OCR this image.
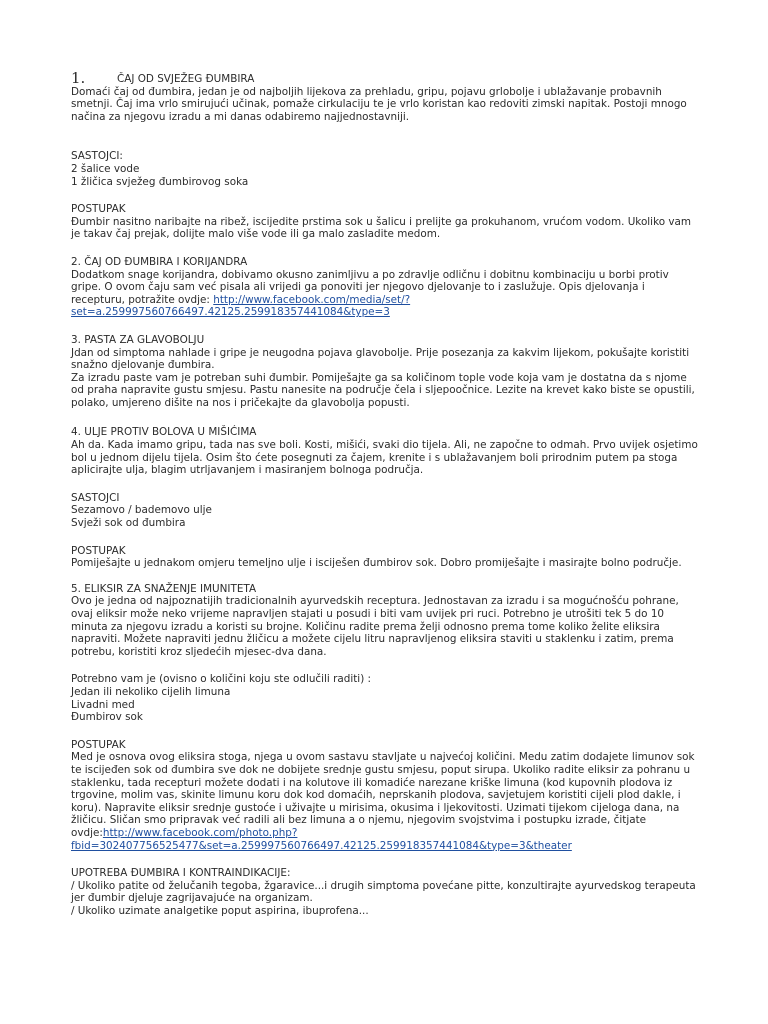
1.	ČAJ OD SVJEŽEG ĐUMBIRA
Domaći čaj od đumbira, jedan je od najboljih lijekova za prehladu, gripu, pojavu grlobolje i ublažavanje probavnih
smetnji. Čaj ima vrlo smirujući učinak, pomaže cirkulaciju te je vrlo koristan kao redoviti zimski napitak. Postoji mnogo
načina za njegovu izradu a mi danas odabiremo najjednostavniji.
SASTOJCI:
2 šalice vode
1 žličica svježeg đumbirovog soka
POSTUPAK
Đumbir nasitno naribajte na ribež, iscijedite prstima sok u šalicu i prelijte ga prokuhanom, vrućom vodom. Ukoliko vam
je takav čaj prejak, dolijte malo više vode ili ga malo zasladite medom.
2. ČAJ OD ĐUMBIRA I KORIJANDRA
Dodatkom snage korijandra, dobivamo okusno zanimljivu a po zdravlje odličnu i dobitnu kombinaciju u borbi protiv
gripe. O ovom čaju sam već pisala ali vrijedi ga ponoviti jer njegovo djelovanje to i zaslužuje. Opis djelovanja i
recepturu, potražite ovdje: http://www.facebook.com/media/set/?
set=a.259997560766497.42125.259918357441084&type=3
3. PASTA ZA GLAVOBOLJU
Jdan od simptoma nahlade i gripe je neugodna pojava glavobolje. Prije posezanja za kakvim lijekom, pokušajte koristiti
snažno djelovanje đumbira.
Za izradu paste vam je potreban suhi đumbir. Pomiješajte ga sa količinom tople vode koja vam je dostatna da s njome
od praha napravite gustu smjesu. Pastu nanesite na područje čela i sljepoočnice. Lezite na krevet kako biste se opustili,
polako, umjereno dišite na nos i pričekajte da glavobolja popusti.
4. ULJE PROTIV BOLOVA U MIŠIĆIMA
Ah da. Kada imamo gripu, tada nas sve boli. Kosti, mišići, svaki dio tijela. Ali, ne započne to odmah. Prvo uvijek osjetimo
bol u jednom dijelu tijela. Osim što ćete posegnuti za čajem, krenite i s ublažavanjem boli prirodnim putem pa stoga
aplicirajte ulja, blagim utrljavanjem i masiranjem bolnoga područja.
SASTOJCI
Sezamovo / bademovo ulje
Svježi sok od đumbira
POSTUPAK
Pomiješajte u jednakom omjeru temeljno ulje i isciješen đumbirov sok. Dobro promiješajte i masirajte bolno područje.
5. ELIKSIR ZA SNAŽENJE IMUNITETA
Ovo je jedna od najpoznatijih tradicionalnih ayurvedskih receptura. Jednostavan za izradu i sa mogućnošću pohrane,
ovaj eliksir može neko vrijeme napravljen stajati u posudi i biti vam uvijek pri ruci. Potrebno je utrošiti tek 5 do 10
minuta za njegovu izradu a koristi su brojne. Količinu radite prema želji odnosno prema tome koliko želite eliksira
napraviti. Možete napraviti jednu žličicu a možete cijelu litru napravljenog eliksira staviti u staklenku i zatim, prema
potrebu, koristiti kroz sljedećih mjesec-dva dana.
Potrebno vam je (ovisno o količini koju ste odlučili raditi) :
Jedan ili nekoliko cijelih limuna
Livadni med
Đumbirov sok
POSTUPAK
Med je osnova ovog eliksira stoga, njega u ovom sastavu stavljate u najvećoj količini. Medu zatim dodajete limunov sok
te iscijeđen sok od đumbira sve dok ne dobijete srednje gustu smjesu, poput sirupa. Ukoliko radite eliksir za pohranu u
staklenku, tada recepturi možete dodati i na kolutove ili komadiće narezane kriške limuna (kod kupovnih plodova iz
trgovine, molim vas, skinite limunu koru dok kod domaćih, neprskanih plodova, savjetujem koristiti cijeli plod dakle, i
koru). Napravite eliksir srednje gustoće i uživajte u mirisima, okusima i ljekovitosti. Uzimati tijekom cijeloga dana, na
žličicu. Sličan smo pripravak već radili ali bez limuna a o njemu, njegovim svojstvima i postupku izrade, čitjate
ovdje:http://www.facebook.com/photo.php?
fbid=302407756525477&set=a.259997560766497.42125.259918357441084&type=3&theater
UPOTREBA ĐUMBIRA I KONTRAINDIKACIJE:
/ Ukoliko patite od želučanih tegoba, žgaravice...i drugih simptoma povećane pitte, konzultirajte ayurvedskog terapeuta
jer đumbir djeluje zagrijavajuće na organizam.
/ Ukoliko uzimate analgetike poput aspirina, ibuprofena...
